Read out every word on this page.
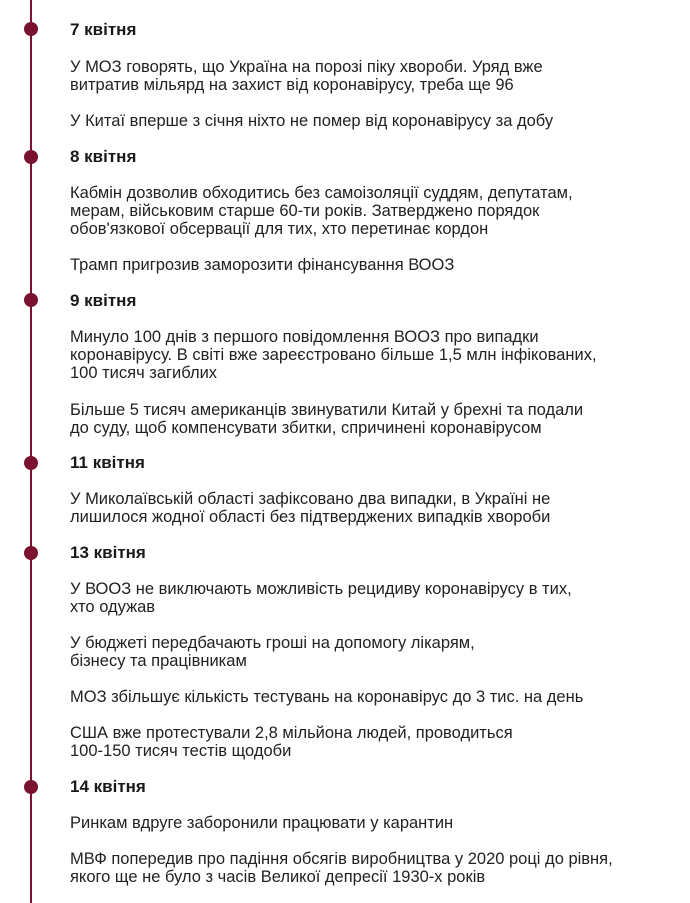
7 квітня
У МОЗ говорять, що Україна на порозі піку хвороби. Уряд вже
витратив мільярд на захист від коронавірусу, треба ще 96
У Китаї вперше з січня ніхто не помер від коронавірусу за добу
8 квітня
Кабмін дозволив обходитись без самоізоляції суддям, депутатам,
мерам, військовим старше 60-ти років. Затверджено порядок
обов'язкової обсервації для тих, хто перетинає кордон
Трамп пригрозив заморозити фінансування ВООЗ
9 квітня
Минуло 100 днів з першого повідомлення ВООЗ про випадки
коронавірусу. В світі вже зареєстровано більше 1,5 млн інфікованих,
100 тисяч загиблих
Більше 5 тисяч американців звинуватили Китай у брехні та подали
до суду, щоб компенсувати збитки, спричинені коронавірусом
11 квітня
У Миколаївській області зафіксовано два випадки, в Україні не
лишилося жодної області без підтверджених випадків хвороби
13 квітня
У ВООЗ не виключають можливість рецидиву коронавірусу в тих,
хто одужав
У бюджеті передбачають гроші на допомогу лікарям,
бізнесу та працівникам
МОЗ збільшує кількість тестувань на коронавірус до 3 тис. на день
США вже протестували 2,8 мільйона людей, проводиться
100-150 тисяч тестів щодоби
14 квітня
Ринкам вдруге заборонили працювати у карантин
МВФ попередив про падіння обсягів виробництва у 2020 році до рівня,
якого ще не було з часів Великої депресії 1930-х років
